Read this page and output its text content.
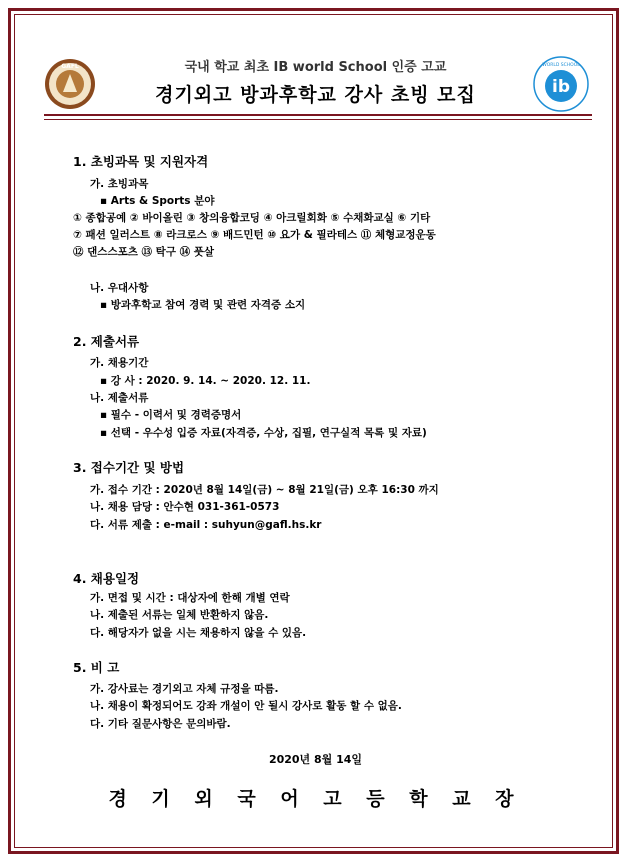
GAFL
ib
WORLD SCHOOL
국내 학교 최초 IB world School 인증 고교
경기외고 방과후학교 강사 초빙 모집
1. 초빙과목 및 지원자격
가. 초빙과목
▪ Arts & Sports 분야
① 종합공예 ② 바이올린 ③ 창의융합코딩 ④ 아크릴회화 ⑤ 수채화교실 ⑥ 기타
⑦ 패션 일러스트 ⑧ 라크로스 ⑨ 배드민턴 ⑩ 요가 & 필라테스 ⑪ 체형교정운동
⑫ 댄스스포츠 ⑬ 탁구 ⑭ 풋살
나. 우대사항
▪ 방과후학교 참여 경력 및 관련 자격증 소지
2. 제출서류
가. 채용기간
▪ 강 사 : 2020. 9. 14. ~ 2020. 12. 11.
나. 제출서류
▪ 필수 - 이력서 및 경력증명서
▪ 선택 - 우수성 입증 자료(자격증, 수상, 집필, 연구실적 목록 및 자료)
3. 접수기간 및 방법
가. 접수 기간 : 2020년 8월 14일(금) ~ 8월 21일(금) 오후 16:30 까지
나. 채용 담당 : 안수현 031-361-0573
다. 서류 제출 : e-mail : suhyun@gafl.hs.kr
4. 채용일정
가. 면접 및 시간 : 대상자에 한해 개별 연락
나. 제출된 서류는 일체 반환하지 않음.
다. 해당자가 없을 시는 채용하지 않을 수 있음.
5. 비 고
가. 강사료는 경기외고 자체 규정을 따름.
나. 채용이 확정되어도 강좌 개설이 안 될시 강사로 활동 할 수 없음.
다. 기타 질문사항은 문의바람.
2020년 8월 14일
경 기 외 국 어 고 등 학 교 장
